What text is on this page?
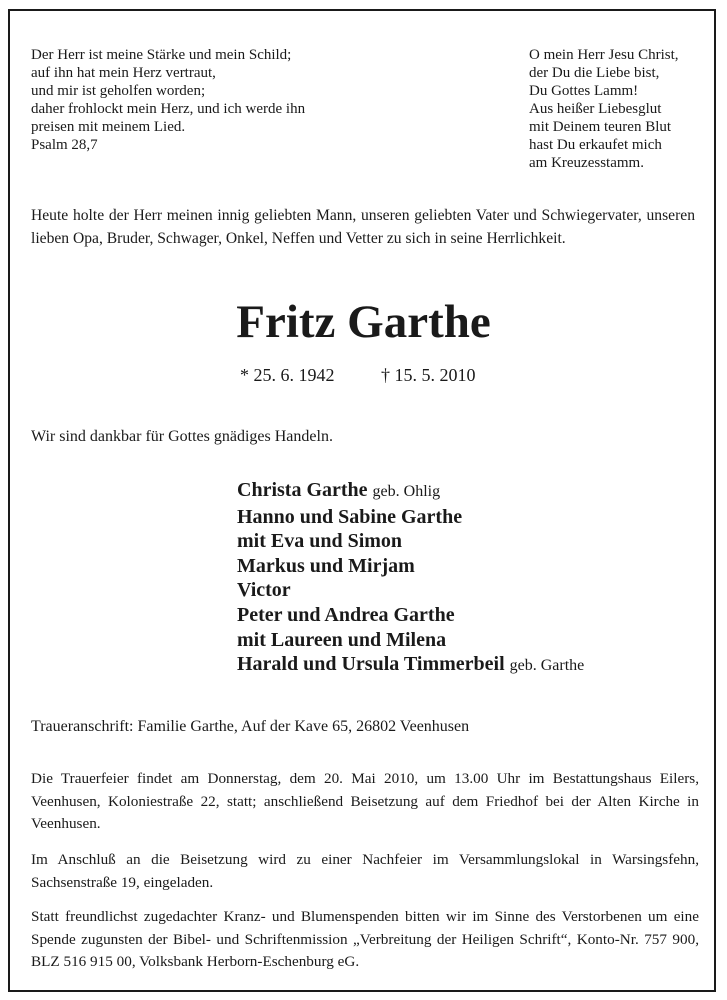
Der Herr ist meine Stärke und mein Schild;
auf ihn hat mein Herz vertraut,
und mir ist geholfen worden;
daher frohlockt mein Herz, und ich werde ihn
preisen mit meinem Lied.
Psalm 28,7
O mein Herr Jesu Christ,
der Du die Liebe bist,
Du Gottes Lamm!
Aus heißer Liebesglut
mit Deinem teuren Blut
hast Du erkaufet mich
am Kreuzesstamm.

Heute holte der Herr meinen innig geliebten Mann, unseren geliebten Vater und Schwiegervater, unseren lieben Opa, Bruder, Schwager, Onkel, Neffen und Vetter zu sich in seine Herrlichkeit.

Fritz Garthe
* 25. 6. 1942	† 15. 5. 2010
Wir sind dankbar für Gottes gnädiges Handeln.
Christa Garthe geb. Ohlig
Hanno und Sabine Garthe
mit Eva und Simon
Markus und Mirjam
Victor
Peter und Andrea Garthe
mit Laureen und Milena
Harald und Ursula Timmerbeil geb. Garthe
Traueranschrift: Familie Garthe, Auf der Kave 65, 26802 Veenhusen

Die Trauerfeier findet am Donnerstag, dem 20. Mai 2010, um 13.00 Uhr im Bestattungshaus Eilers, Veenhusen, Koloniestraße 22, statt; anschließend Beisetzung auf dem Friedhof bei der Alten Kirche in Veenhusen.

Im Anschluß an die Beisetzung wird zu einer Nachfeier im Versammlungslokal in Warsingsfehn, Sachsenstraße 19, eingeladen.

Statt freundlichst zugedachter Kranz- und Blumenspenden bitten wir im Sinne des Verstorbenen um eine Spende zugunsten der Bibel- und Schriftenmission „Verbreitung der Heiligen Schrift“, Konto-Nr. 757 900, BLZ 516 915 00, Volksbank Herborn-Eschenburg eG.
